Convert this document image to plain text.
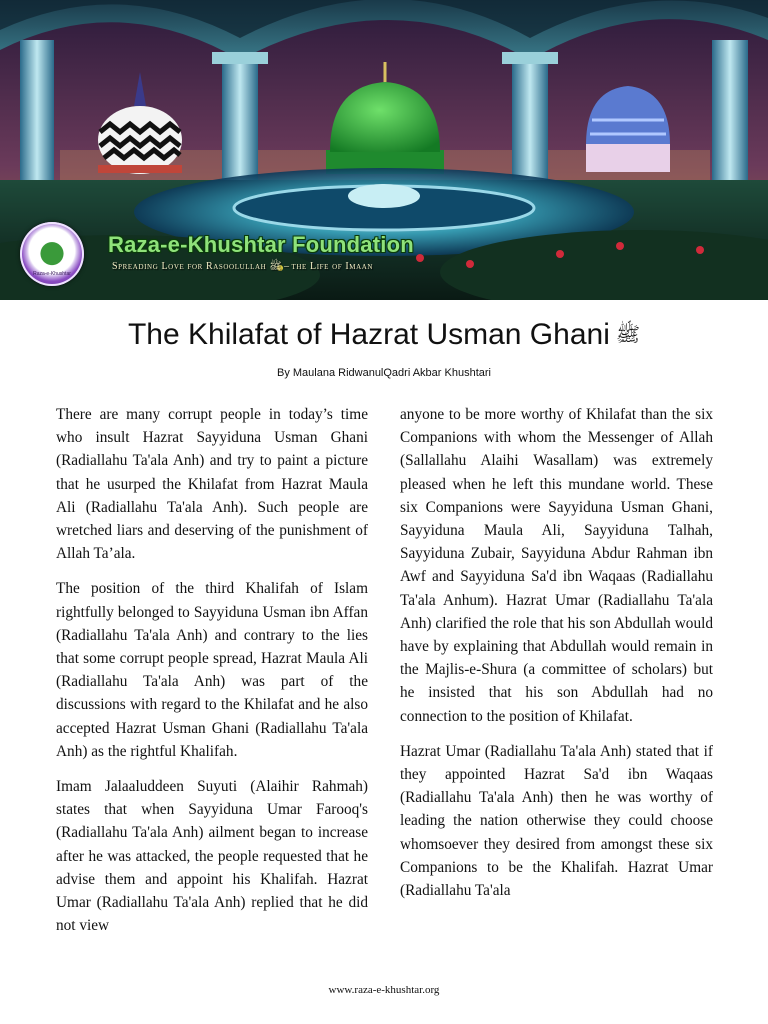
Raza-e-Khushtar
Raza-e-Khushtar Foundation
Spreading Love for Rasoolullah ﷺ – the Life of Imaan
The Khilafat of Hazrat Usman Ghani ﷺ
By Maulana RidwanulQadri Akbar Khushtari

There are many corrupt people in today’s time who insult Hazrat Sayyiduna Usman Ghani (Radiallahu Ta'ala Anh) and try to paint a picture that he usurped the Khilafat from Hazrat Maula Ali (Radiallahu Ta'ala Anh). Such people are wretched liars and deserving of the punishment of Allah Ta’ala.

The position of the third Khalifah of Islam rightfully belonged to Sayyiduna Usman ibn Affan (Radiallahu Ta'ala Anh) and contrary to the lies that some corrupt people spread, Hazrat Maula Ali (Radiallahu Ta'ala Anh) was part of the discussions with regard to the Khilafat and he also accepted Hazrat Usman Ghani (Radiallahu Ta'ala Anh) as the rightful Khalifah.

Imam Jalaaluddeen Suyuti (Alaihir Rahmah) states that when Sayyiduna Umar Farooq's (Radiallahu Ta'ala Anh) ailment began to increase after he was attacked, the people requested that he advise them and appoint his Khalifah. Hazrat Umar (Radiallahu Ta'ala Anh) replied that he did not view

anyone to be more worthy of Khilafat than the six Companions with whom the Messenger of Allah (Sallallahu Alaihi Wasallam) was extremely pleased when he left this mundane world. These six Companions were Sayyiduna Usman Ghani, Sayyiduna Maula Ali, Sayyiduna Talhah, Sayyiduna Zubair, Sayyiduna Abdur Rahman ibn Awf and Sayyiduna Sa'd ibn Waqaas (Radiallahu Ta'ala Anhum). Hazrat Umar (Radiallahu Ta'ala Anh) clarified the role that his son Abdullah would have by explaining that Abdullah would remain in the Majlis-e-Shura (a committee of scholars) but he insisted that his son Abdullah had no connection to the position of Khilafat.

Hazrat Umar (Radiallahu Ta'ala Anh) stated that if they appointed Hazrat Sa'd ibn Waqaas (Radiallahu Ta'ala Anh) then he was worthy of leading the nation otherwise they could choose whomsoever they desired from amongst these six Companions to be the Khalifah. Hazrat Umar (Radiallahu Ta'ala

www.raza-e-khushtar.org
